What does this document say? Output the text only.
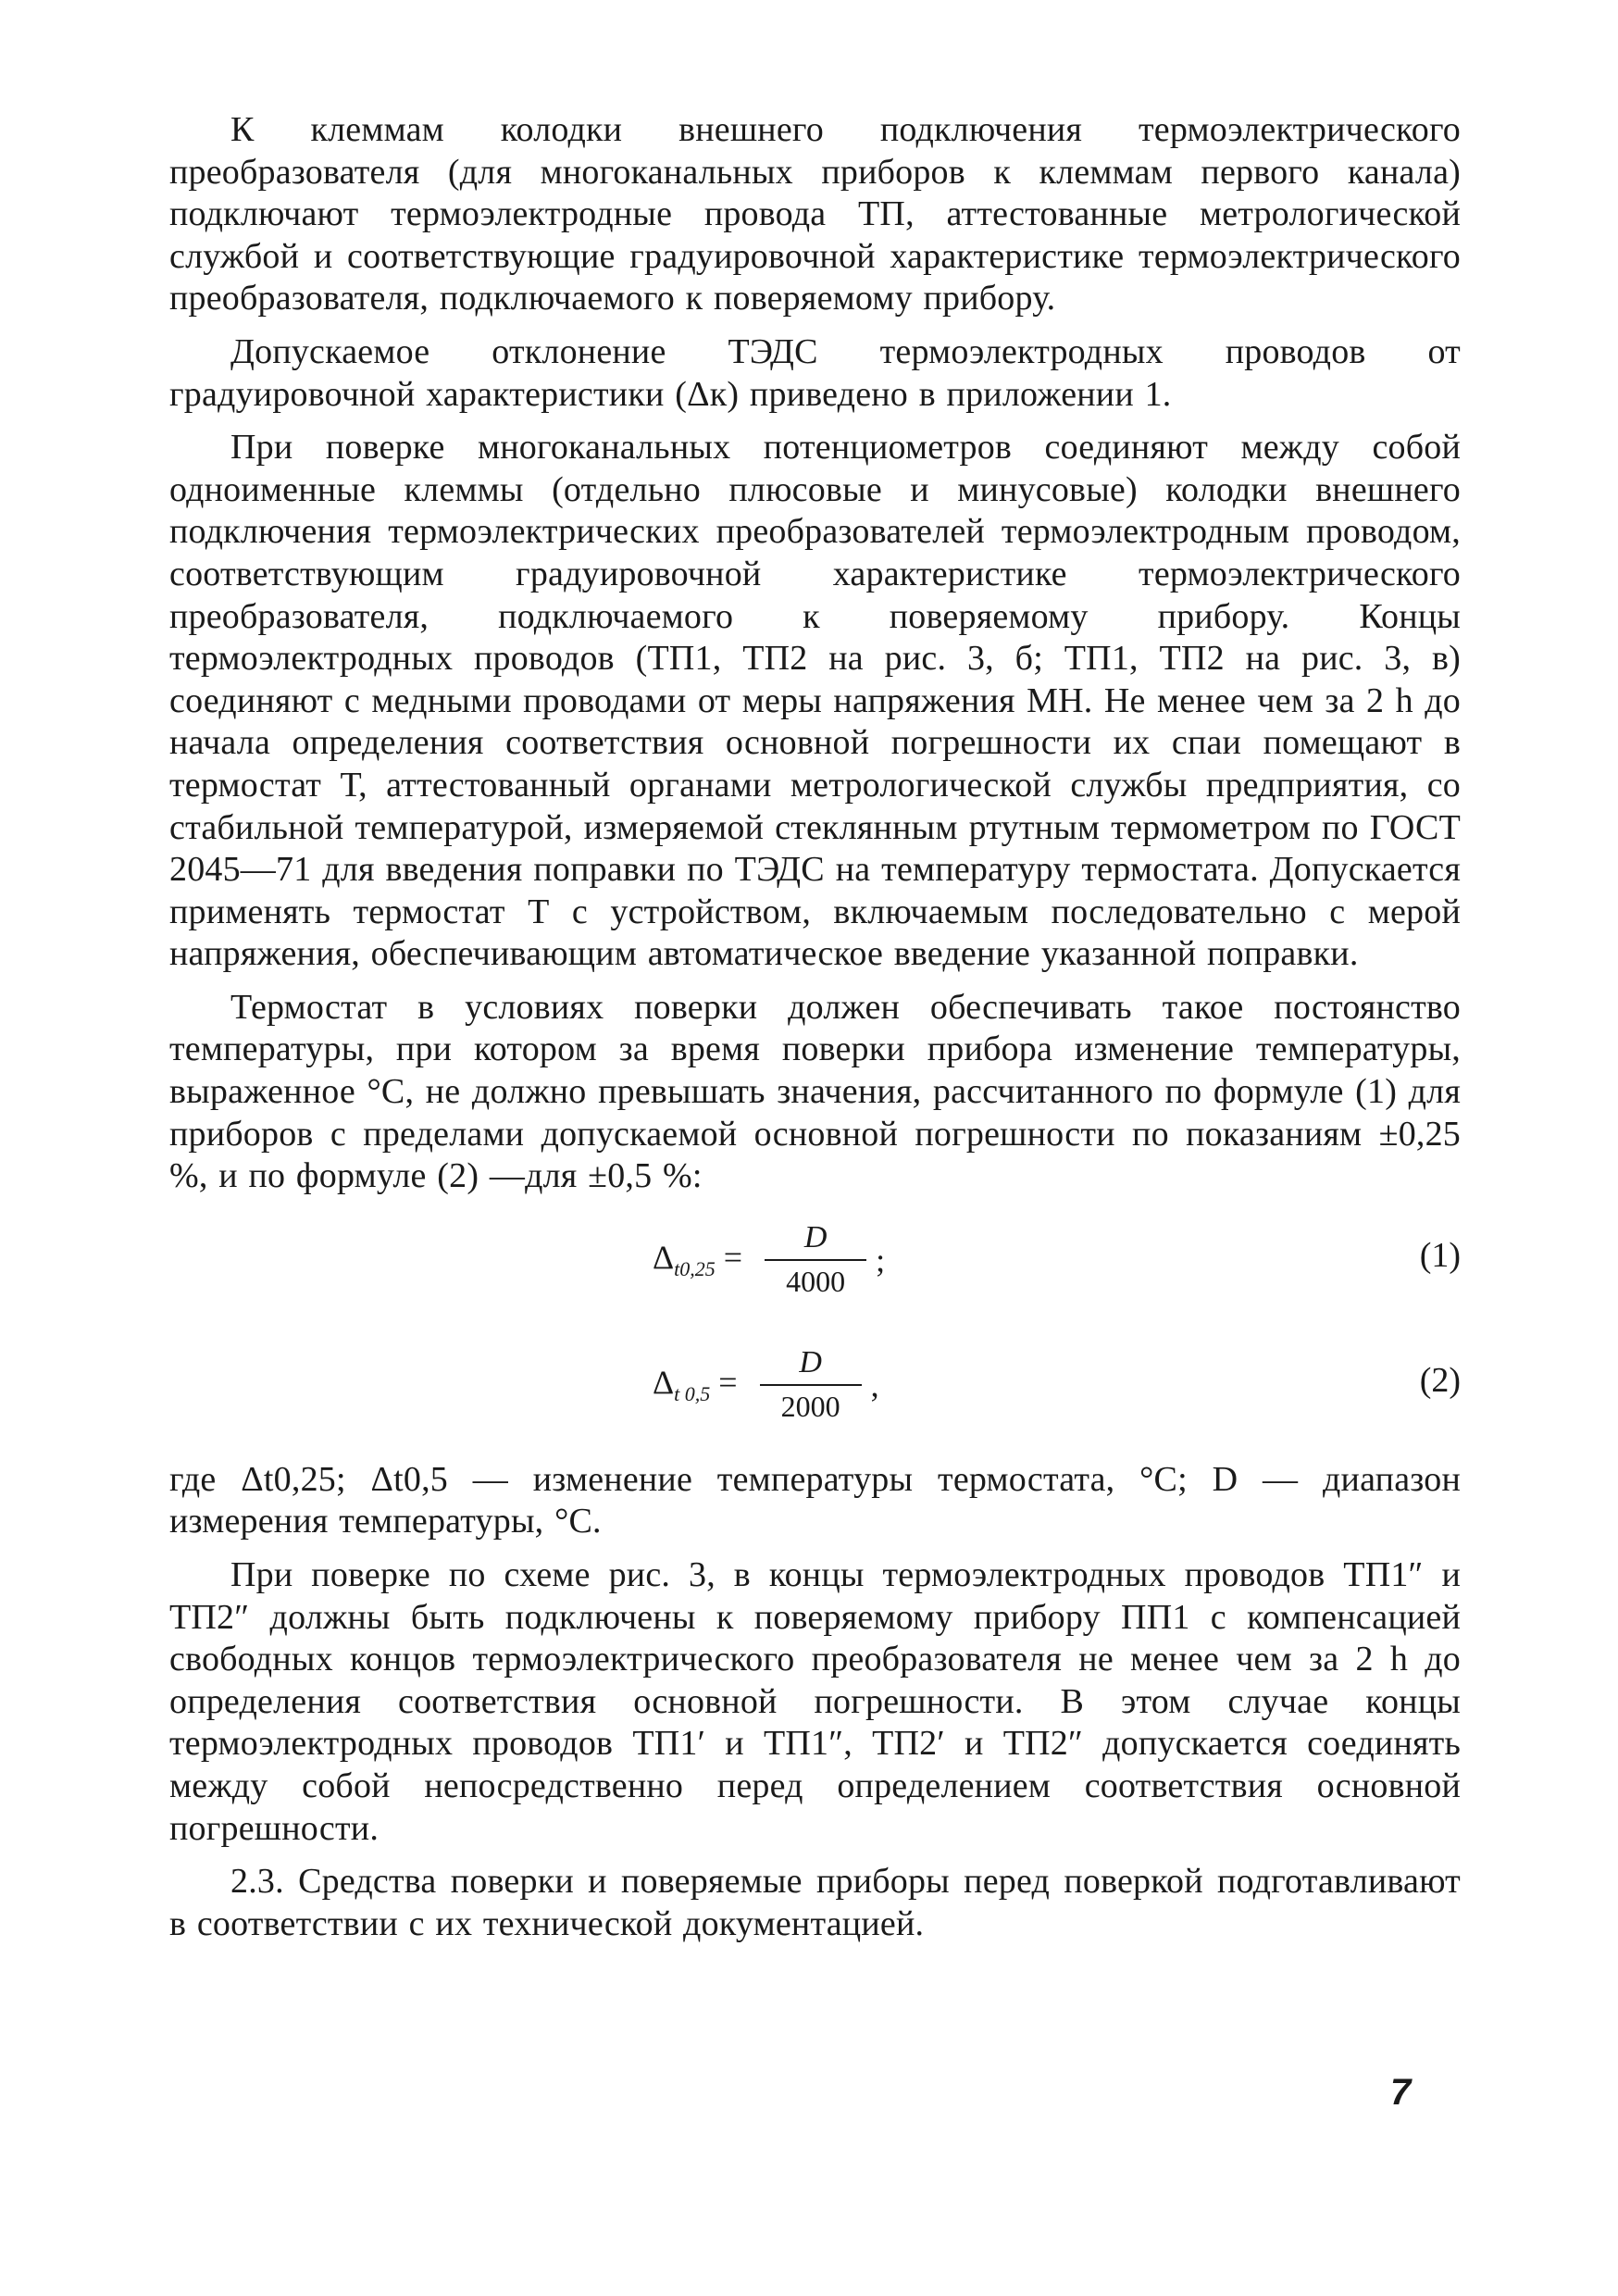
К клеммам колодки внешнего подключения термоэлектрического преобразователя (для многоканальных приборов к клеммам первого канала) подключают термоэлектродные провода ТП, аттестованные метрологической службой и соответствующие градуировочной характеристике термоэлектрического преобразователя, подключаемого к поверяемому прибору.

Допускаемое отклонение ТЭДС термоэлектродных проводов от градуировочной характеристики (Δк) приведено в приложении 1.

При поверке многоканальных потенциометров соединяют между собой одноименные клеммы (отдельно плюсовые и минусовые) колодки внешнего подключения термоэлектрических преобразователей термоэлектродным проводом, соответствующим градуировочной характеристике термоэлектрического преобразователя, подключаемого к поверяемому прибору. Концы термоэлектродных проводов (ТП1, ТП2 на рис. 3, б; ТП1, ТП2 на рис. 3, в) соединяют с медными проводами от меры напряжения МН. Не менее чем за 2 h до начала определения соответствия основной погрешности их спаи помещают в термостат Т, аттестованный органами метрологической службы предприятия, со стабильной температурой, измеряемой стеклянным ртутным термометром по ГОСТ 2045—71 для введения поправки по ТЭДС на температуру термостата. Допускается применять термостат Т с устройством, включаемым последовательно с мерой напряжения, обеспечивающим автоматическое введение указанной поправки.

Термостат в условиях поверки должен обеспечивать такое постоянство температуры, при котором за время поверки прибора изменение температуры, выраженное °С, не должно превышать значения, рассчитанного по формуле (1) для приборов с пределами допускаемой основной погрешности по показаниям ±0,25 %, и по формуле (2) —для ±0,5 %:

$\Delta_{t0,25} = \frac{D}{4000}$ ;	(1)
$\Delta_{t 0,5} = \frac{D}{2000}$ ,	(2)

где Δt0,25; Δt0,5 — изменение температуры термостата, °С; D — диапазон измерения температуры, °С.

При поверке по схеме рис. 3, в концы термоэлектродных проводов ТП1″ и ТП2″ должны быть подключены к поверяемому прибору ПП1 с компенсацией свободных концов термоэлектрического преобразователя не менее чем за 2 h до определения соответствия основной погрешности. В этом случае концы термоэлектродных проводов ТП1′ и ТП1″, ТП2′ и ТП2″ допускается соединять между собой непосредственно перед определением соответствия основной погрешности.

2.3. Средства поверки и поверяемые приборы перед поверкой подготавливают в соответствии с их технической документацией.

7
